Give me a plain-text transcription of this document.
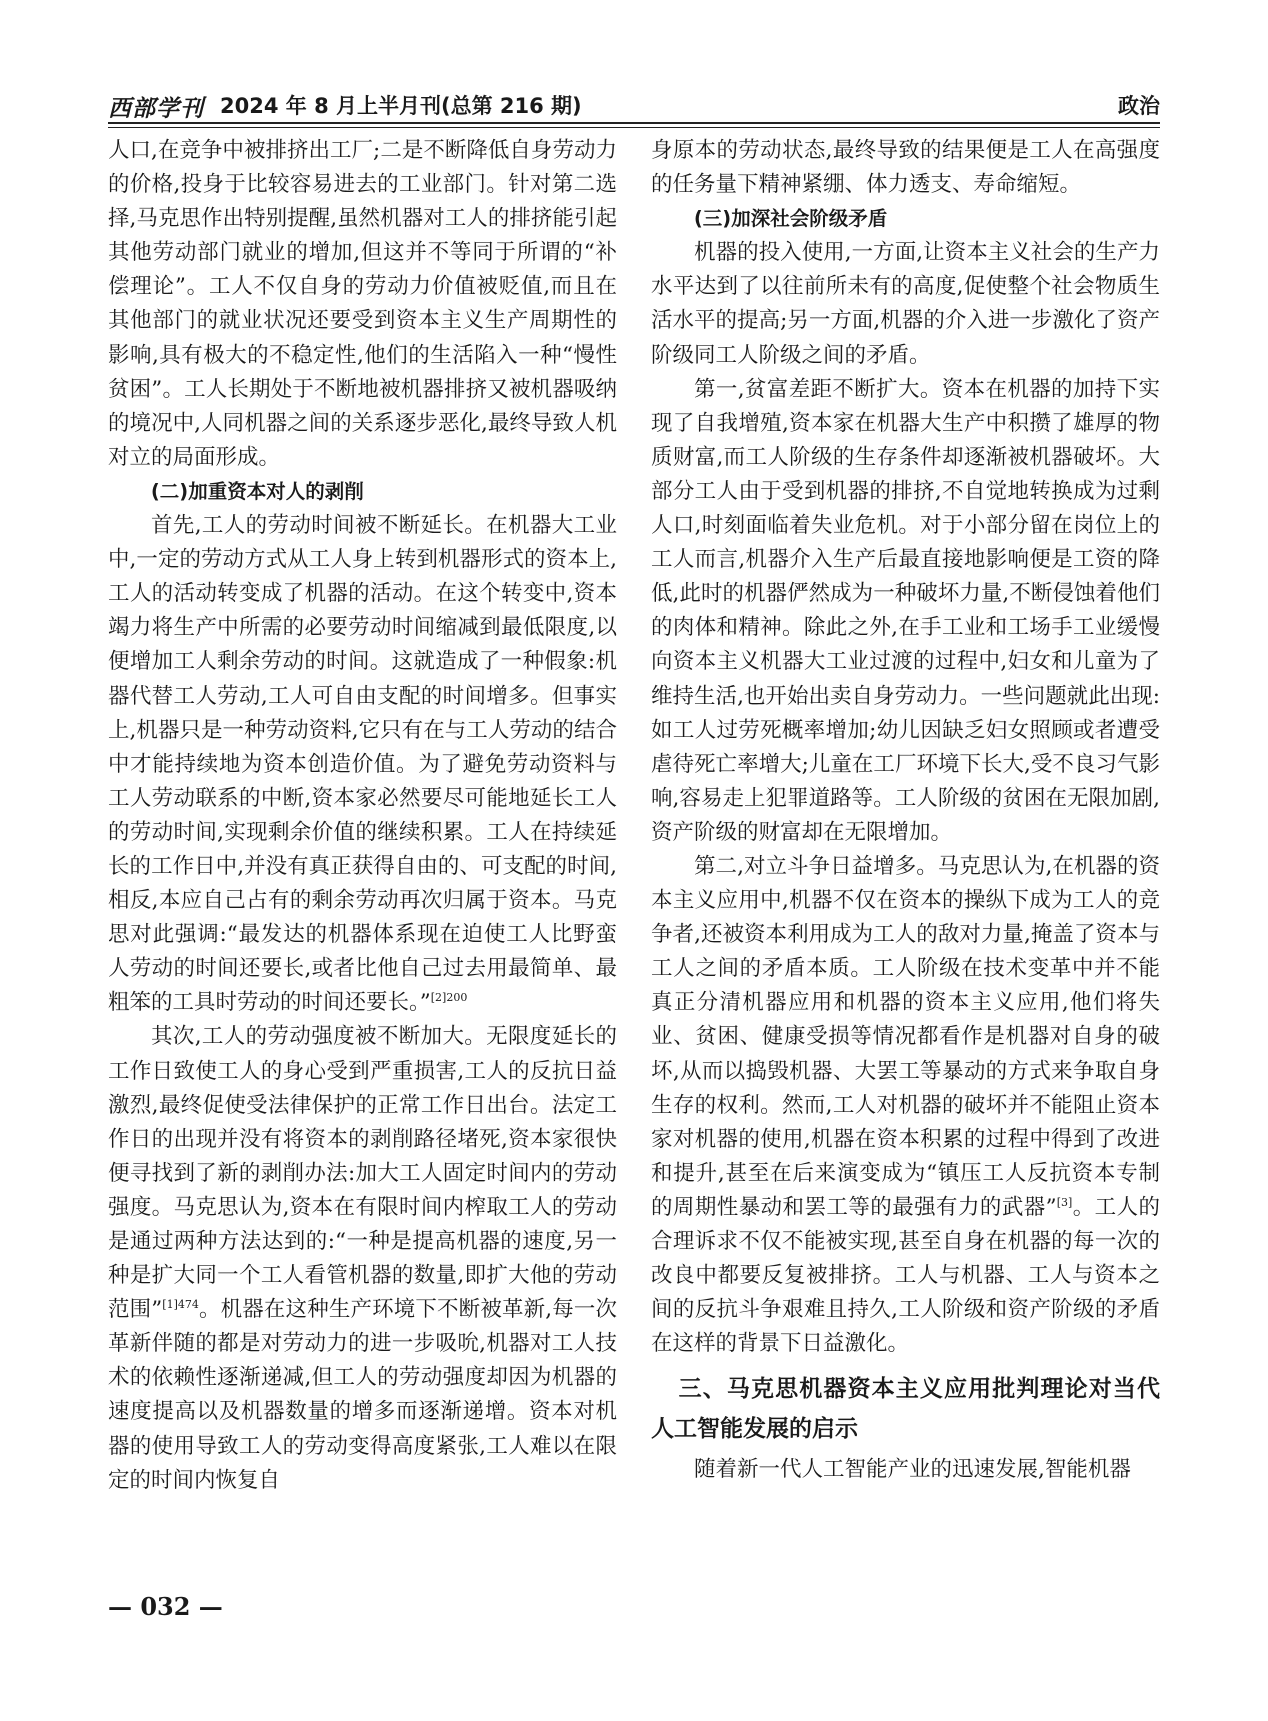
西部学刊 2024 年 8 月上半月刊(总第 216 期)	政治

人口,在竞争中被排挤出工厂;二是不断降低自身劳动力的价格,投身于比较容易进去的工业部门。针对第二选择,马克思作出特别提醒,虽然机器对工人的排挤能引起其他劳动部门就业的增加,但这并不等同于所谓的“补偿理论”。工人不仅自身的劳动力价值被贬值,而且在其他部门的就业状况还要受到资本主义生产周期性的影响,具有极大的不稳定性,他们的生活陷入一种“慢性贫困”。工人长期处于不断地被机器排挤又被机器吸纳的境况中,人同机器之间的关系逐步恶化,最终导致人机对立的局面形成。

(二)加重资本对人的剥削

首先,工人的劳动时间被不断延长。在机器大工业中,一定的劳动方式从工人身上转到机器形式的资本上,工人的活动转变成了机器的活动。在这个转变中,资本竭力将生产中所需的必要劳动时间缩减到最低限度,以便增加工人剩余劳动的时间。这就造成了一种假象:机器代替工人劳动,工人可自由支配的时间增多。但事实上,机器只是一种劳动资料,它只有在与工人劳动的结合中才能持续地为资本创造价值。为了避免劳动资料与工人劳动联系的中断,资本家必然要尽可能地延长工人的劳动时间,实现剩余价值的继续积累。工人在持续延长的工作日中,并没有真正获得自由的、可支配的时间,相反,本应自己占有的剩余劳动再次归属于资本。马克思对此强调:“最发达的机器体系现在迫使工人比野蛮人劳动的时间还要长,或者比他自己过去用最简单、最粗笨的工具时劳动的时间还要长。”$^{[2]200}$

其次,工人的劳动强度被不断加大。无限度延长的工作日致使工人的身心受到严重损害,工人的反抗日益激烈,最终促使受法律保护的正常工作日出台。法定工作日的出现并没有将资本的剥削路径堵死,资本家很快便寻找到了新的剥削办法:加大工人固定时间内的劳动强度。马克思认为,资本在有限时间内榨取工人的劳动是通过两种方法达到的:“一种是提高机器的速度,另一种是扩大同一个工人看管机器的数量,即扩大他的劳动范围”$^{[1]474}$。机器在这种生产环境下不断被革新,每一次革新伴随的都是对劳动力的进一步吸吮,机器对工人技术的依赖性逐渐递减,但工人的劳动强度却因为机器的速度提高以及机器数量的增多而逐渐递增。资本对机器的使用导致工人的劳动变得高度紧张,工人难以在限定的时间内恢复自

身原本的劳动状态,最终导致的结果便是工人在高强度的任务量下精神紧绷、体力透支、寿命缩短。

(三)加深社会阶级矛盾

机器的投入使用,一方面,让资本主义社会的生产力水平达到了以往前所未有的高度,促使整个社会物质生活水平的提高;另一方面,机器的介入进一步激化了资产阶级同工人阶级之间的矛盾。

第一,贫富差距不断扩大。资本在机器的加持下实现了自我增殖,资本家在机器大生产中积攒了雄厚的物质财富,而工人阶级的生存条件却逐渐被机器破坏。大部分工人由于受到机器的排挤,不自觉地转换成为过剩人口,时刻面临着失业危机。对于小部分留在岗位上的工人而言,机器介入生产后最直接地影响便是工资的降低,此时的机器俨然成为一种破坏力量,不断侵蚀着他们的肉体和精神。除此之外,在手工业和工场手工业缓慢向资本主义机器大工业过渡的过程中,妇女和儿童为了维持生活,也开始出卖自身劳动力。一些问题就此出现:如工人过劳死概率增加;幼儿因缺乏妇女照顾或者遭受虐待死亡率增大;儿童在工厂环境下长大,受不良习气影响,容易走上犯罪道路等。工人阶级的贫困在无限加剧,资产阶级的财富却在无限增加。

第二,对立斗争日益增多。马克思认为,在机器的资本主义应用中,机器不仅在资本的操纵下成为工人的竞争者,还被资本利用成为工人的敌对力量,掩盖了资本与工人之间的矛盾本质。工人阶级在技术变革中并不能真正分清机器应用和机器的资本主义应用,他们将失业、贫困、健康受损等情况都看作是机器对自身的破坏,从而以捣毁机器、大罢工等暴动的方式来争取自身生存的权利。然而,工人对机器的破坏并不能阻止资本家对机器的使用,机器在资本积累的过程中得到了改进和提升,甚至在后来演变成为“镇压工人反抗资本专制的周期性暴动和罢工等的最强有力的武器”[3]。工人的合理诉求不仅不能被实现,甚至自身在机器的每一次的改良中都要反复被排挤。工人与机器、工人与资本之间的反抗斗争艰难且持久,工人阶级和资产阶级的矛盾在这样的背景下日益激化。

三、马克思机器资本主义应用批判理论对当代人工智能发展的启示

随着新一代人工智能产业的迅速发展,智能机器

— 032 —
